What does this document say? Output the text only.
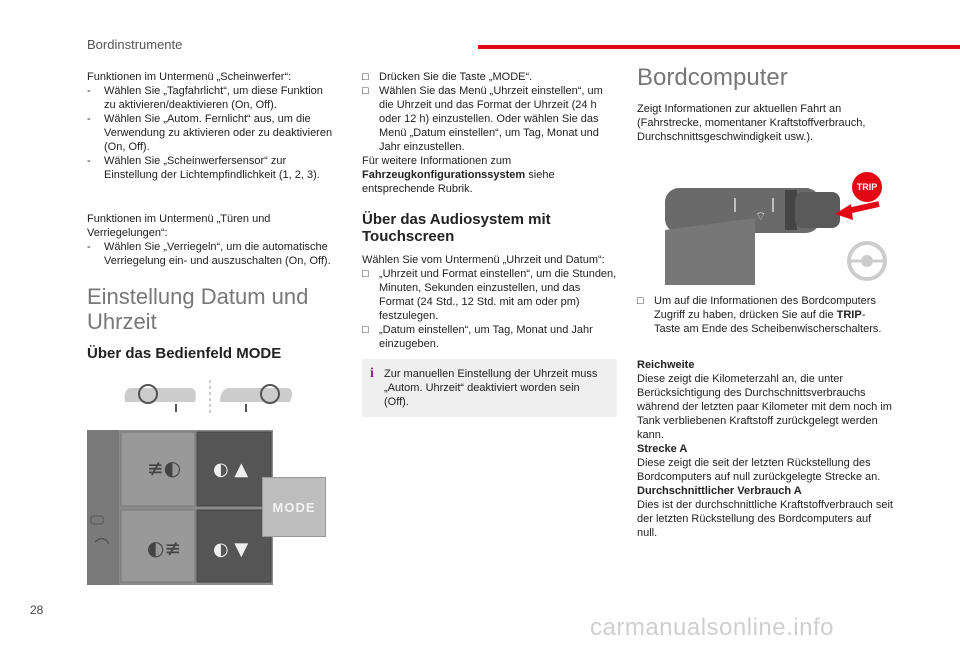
Bordinstrumente

Funktionen im Untermenü „Scheinwerfer“:

- Wählen Sie „Tagfahrlicht“, um diese Funktion zu aktivieren/deaktivieren (On, Off).

- Wählen Sie „Autom. Fernlicht“ aus, um die Verwendung zu aktivieren oder zu deaktivieren (On, Off).

- Wählen Sie „Scheinwerfersensor“ zur Einstellung der Lichtempfindlichkeit (1, 2, 3).

Funktionen im Untermenü „Türen und Verriegelungen“:

- Wählen Sie „Verriegeln“, um die automatische Verriegelung ein- und auszuschalten (On, Off).

Einstellung Datum und Uhrzeit
Über das Bedienfeld MODE
≢◐
◐≢
◐ ▲
◐ ▼
MODE

□ Drücken Sie die Taste „MODE“.

□ Wählen Sie das Menü „Uhrzeit einstellen“, um die Uhrzeit und das Format der Uhrzeit (24 h oder 12 h) einzustellen. Oder wählen Sie das Menü „Datum einstellen“, um Tag, Monat und Jahr einzustellen.

Für weitere Informationen zum
Fahrzeugkonfigurationssystem siehe entsprechende Rubrik.

Über das Audiosystem mit Touchscreen

Wählen Sie vom Untermenü „Uhrzeit und Datum“:

□ „Uhrzeit und Format einstellen“, um die Stunden, Minuten, Sekunden einzustellen, und das Format (24 Std., 12 Std. mit am oder pm) festzulegen.

□ „Datum einstellen“, um Tag, Monat und Jahr einzugeben.

i Zur manuellen Einstellung der Uhrzeit muss „Autom. Uhrzeit“ deaktiviert worden sein (Off).
Bordcomputer
Zeigt Informationen zur aktuellen Fahrt an (Fahrstrecke, momentaner Kraftstoffverbrauch, Durchschnittsgeschwindigkeit usw.).
⌔
TRIP

□ Um auf die Informationen des Bordcomputers Zugriff zu haben, drücken Sie auf die TRIP-Taste am Ende des Scheibenwischerschalters.

Reichweite

Diese zeigt die Kilometerzahl an, die unter Berücksichtigung des Durchschnittsverbrauchs während der letzten paar Kilometer mit dem noch im Tank verbliebenen Kraftstoff zurückgelegt werden kann.

Strecke A

Diese zeigt die seit der letzten Rückstellung des Bordcomputers auf null zurückgelegte Strecke an.

Durchschnittlicher Verbrauch A

Dies ist der durchschnittliche Kraftstoffverbrauch seit der letzten Rückstellung des Bordcomputers auf null.

28
carmanualsonline.info
